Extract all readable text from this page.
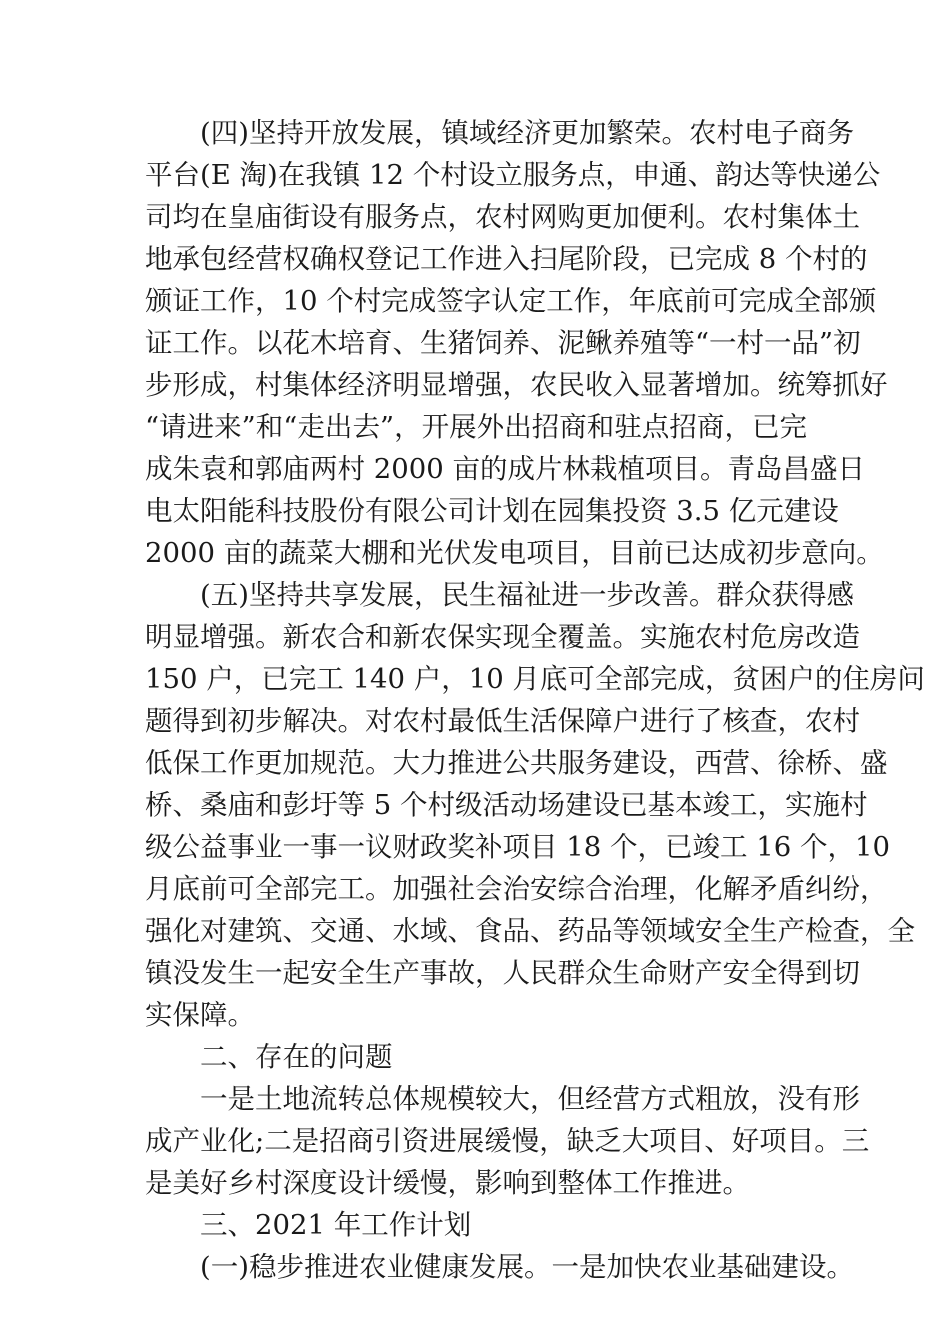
(四)坚持开放发展，镇域经济更加繁荣。农村电子商务
平台(E 淘)在我镇 12 个村设立服务点，申通、韵达等快递公
司均在皇庙街设有服务点，农村网购更加便利。农村集体土
地承包经营权确权登记工作进入扫尾阶段，已完成 8 个村的
颁证工作，10 个村完成签字认定工作，年底前可完成全部颁
证工作。以花木培育、生猪饲养、泥鳅养殖等“一村一品”初
步形成，村集体经济明显增强，农民收入显著增加。统筹抓好
“请进来”和“走出去”，开展外出招商和驻点招商，已完
成朱袁和郭庙两村 2000 亩的成片林栽植项目。青岛昌盛日
电太阳能科技股份有限公司计划在园集投资 3.5 亿元建设
2000 亩的蔬菜大棚和光伏发电项目，目前已达成初步意向。
(五)坚持共享发展，民生福祉进一步改善。群众获得感
明显增强。新农合和新农保实现全覆盖。实施农村危房改造
150 户，已完工 140 户，10 月底可全部完成，贫困户的住房问
题得到初步解决。对农村最低生活保障户进行了核查，农村
低保工作更加规范。大力推进公共服务建设，西营、徐桥、盛
桥、桑庙和彭圩等 5 个村级活动场建设已基本竣工，实施村
级公益事业一事一议财政奖补项目 18 个，已竣工 16 个，10
月底前可全部完工。加强社会治安综合治理，化解矛盾纠纷，
强化对建筑、交通、水域、食品、药品等领域安全生产检查，全
镇没发生一起安全生产事故，人民群众生命财产安全得到切
实保障。
二、存在的问题
一是土地流转总体规模较大，但经营方式粗放，没有形
成产业化;二是招商引资进展缓慢，缺乏大项目、好项目。三
是美好乡村深度设计缓慢，影响到整体工作推进。
三、2021 年工作计划
(一)稳步推进农业健康发展。一是加快农业基础建设。
